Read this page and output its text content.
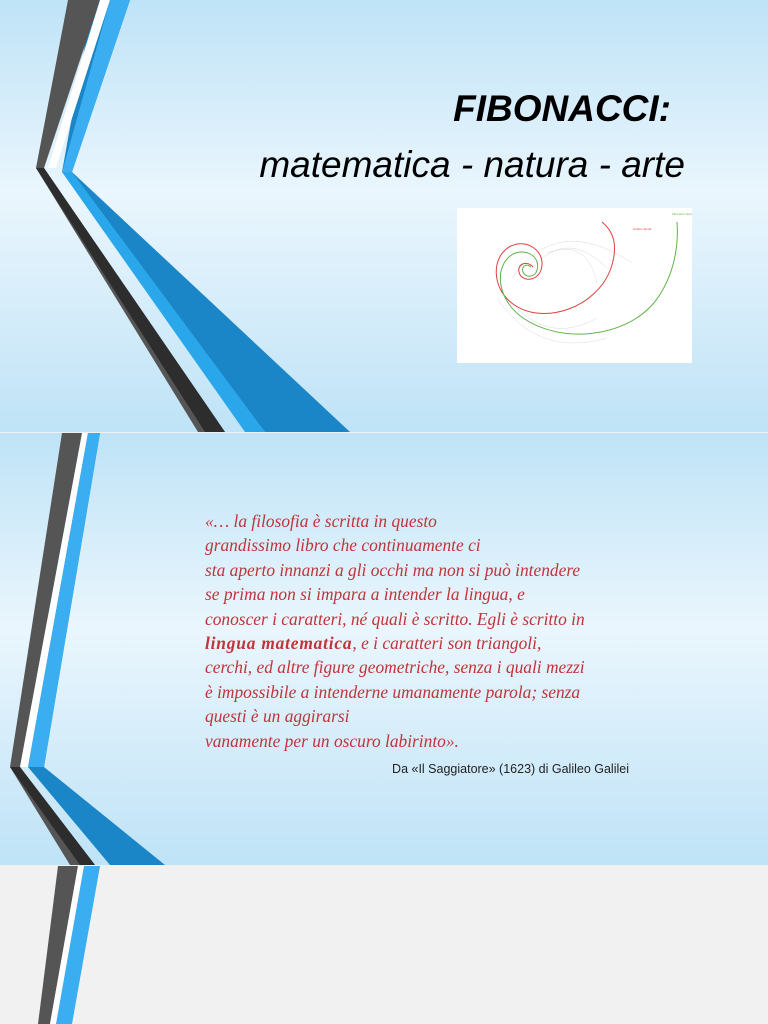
FIBONACCI:
matematica - natura - arte
Golden Spiral
Fibonacci Spiral
«… la filosofia è scritta in questo
grandissimo libro che continuamente ci
sta aperto innanzi a gli occhi ma non si può intendere
se prima non si impara a intender la lingua, e
conoscer i caratteri, né quali è scritto. Egli è scritto in
lingua matematica, e i caratteri son triangoli,
cerchi, ed altre figure geometriche, senza i quali mezzi
è impossibile a intenderne umanamente parola; senza
questi è un aggirarsi
vanamente per un oscuro labirinto».
Da «Il Saggiatore» (1623) di Galileo Galilei
